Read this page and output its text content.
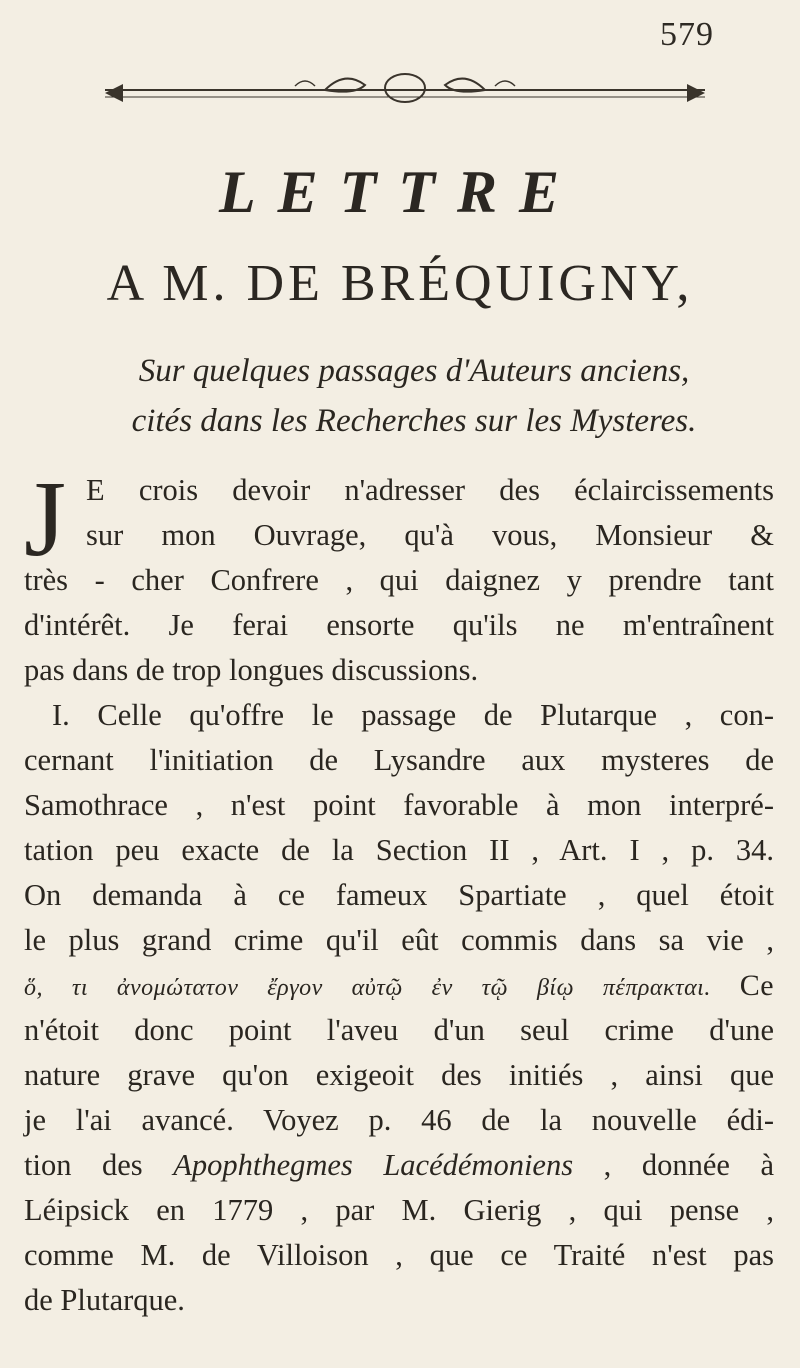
579
LETTRE
A M. DE BRÉQUIGNY,
Sur quelques passages d'Auteurs anciens,
cités dans les Recherches sur les Mysteres.
J E crois devoir n'adresser des éclaircissements
sur mon Ouvrage, qu'à vous, Monsieur &
très - cher Confrere , qui daignez y prendre tant
d'intérêt. Je ferai ensorte qu'ils ne m'entraînent
pas dans de trop longues discussions.
I. Celle qu'offre le passage de Plutarque , con-
cernant l'initiation de Lysandre aux mysteres de
Samothrace , n'est point favorable à mon interpré-
tation peu exacte de la Section II , Art. I , p. 34.
On demanda à ce fameux Spartiate , quel étoit
le plus grand crime qu'il eût commis dans sa vie ,
ὅ, τι ἀνομώτατον ἔργον αὐτῷ ἐν τῷ βίῳ πέπρακται. Ce
n'étoit donc point l'aveu d'un seul crime d'une
nature grave qu'on exigeoit des initiés , ainsi que
je l'ai avancé. Voyez p. 46 de la nouvelle édi-
tion des Apophthegmes Lacédémoniens , donnée à
Léipsick en 1779 , par M. Gierig , qui pense ,
comme M. de Villoison , que ce Traité n'est pas
de Plutarque.
